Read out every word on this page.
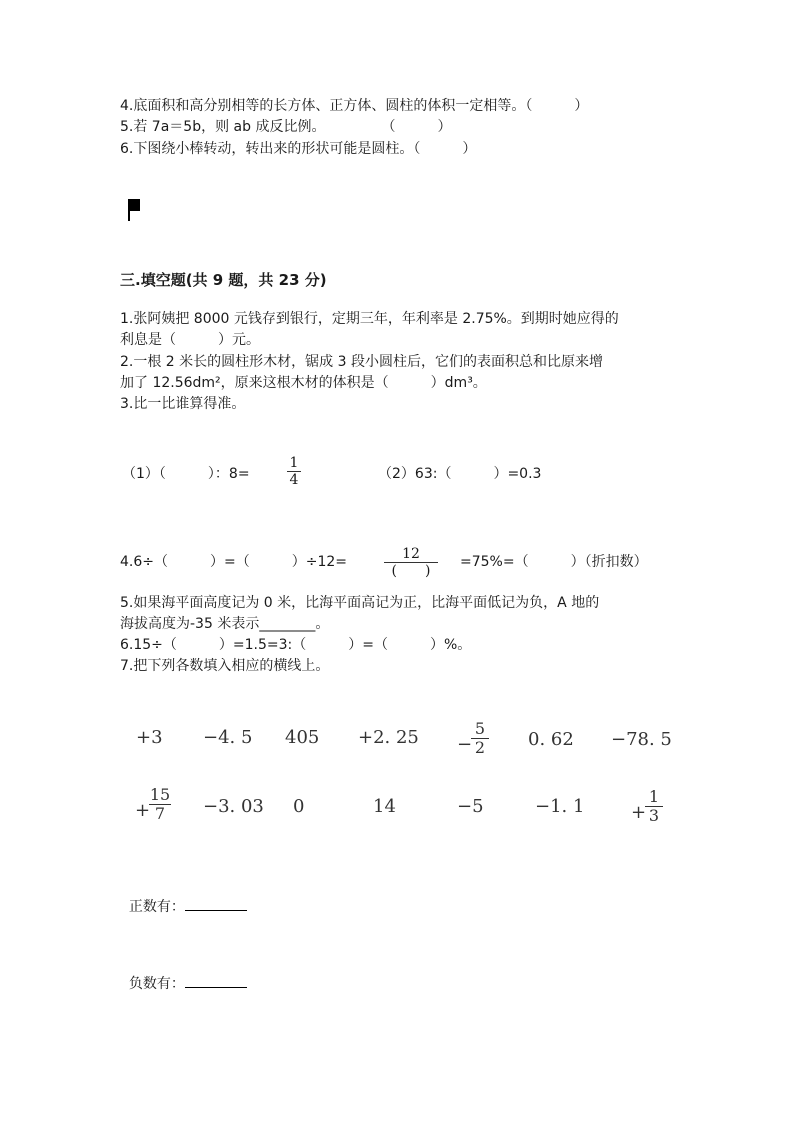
4.底面积和高分别相等的长方体、正方体、圆柱的体积一定相等。（　　　）
5.若 7a＝5b，则 ab 成反比例。　　　　　（　　　）
6.下图绕小棒转动，转出来的形状可能是圆柱。（　　　）
三.填空题(共 9 题，共 23 分)
1.张阿姨把 8000 元钱存到银行，定期三年，年利率是 2.75%。到期时她应得的
利息是（　　　）元。
2.一根 2 米长的圆柱形木材，锯成 3 段小圆柱后，它们的表面积总和比原来增
加了 12.56dm²，原来这根木材的体积是（　　　）dm³。
3.比一比谁算得准。
（1）（　　　）：8=
1
4	（2）63:（　　　）=0.3
4.6÷（　　　）=（　　　）÷12=	12
(　　)
=75%=（　　　）（折扣数）
5.如果海平面高度记为 0 米，比海平面高记为正，比海平面低记为负，A 地的
海拔高度为-35 米表示________。
6.15÷（　　　）=1.5=3:（　　　）=（　　　）%。
7.把下列各数填入相应的横线上。
+3 −4. 5 405 +2. 25 −
5
2 0. 62 −78. 5
+
15
7	−3. 03 0	14	−5	−1. 1	+
1
3

正数有：

负数有：
